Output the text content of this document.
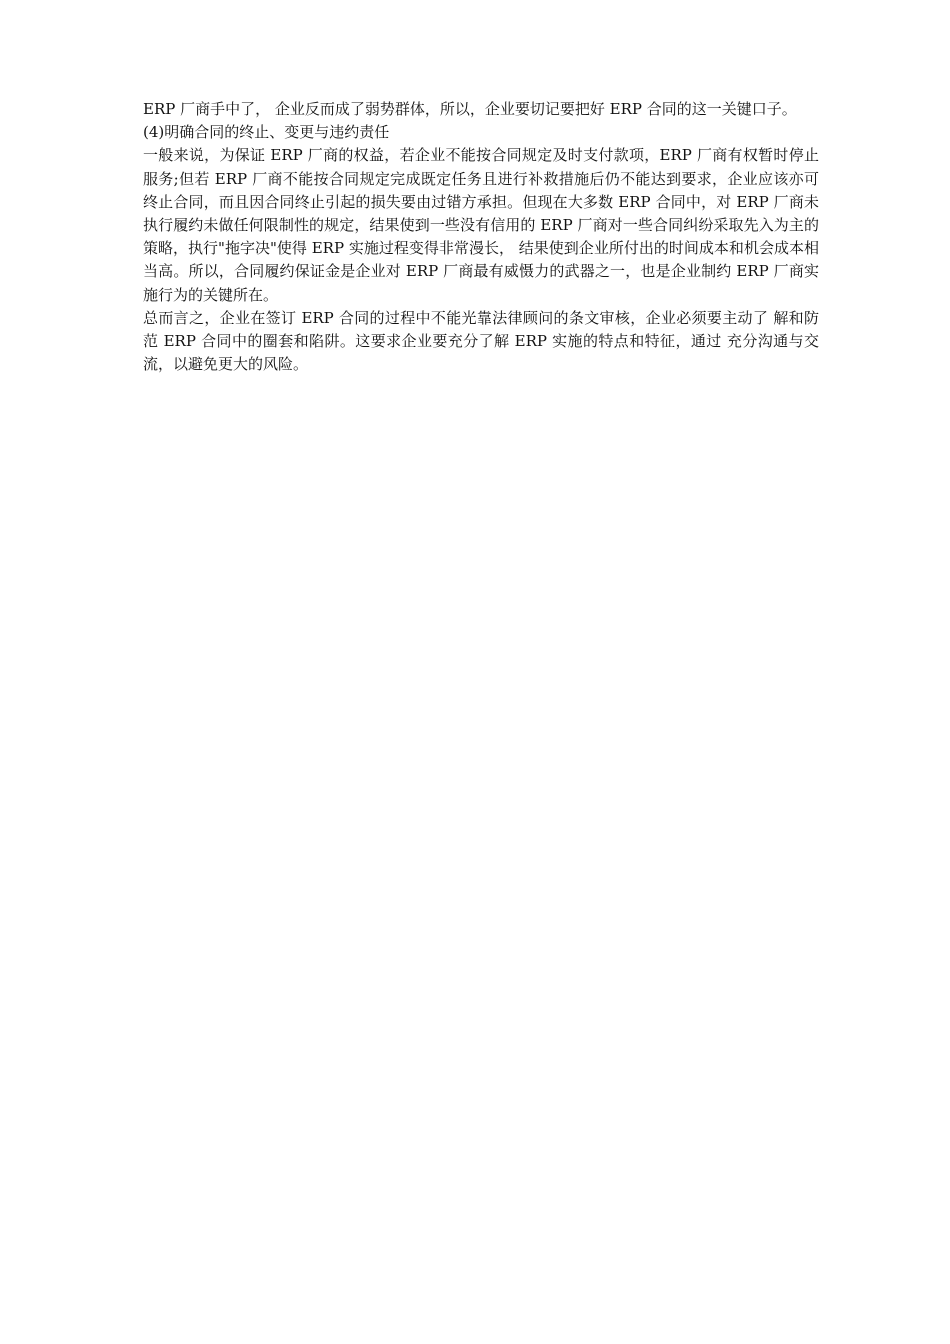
ERP 厂商手中了， 企业反而成了弱势群体，所以，企业要切记要把好 ERP 合同的这一关键口子。

(4)明确合同的终止、变更与违约责任

一般来说，为保证 ERP 厂商的权益，若企业不能按合同规定及时支付款项，ERP 厂商有权暂时停止服务;但若 ERP 厂商不能按合同规定完成既定任务且进行补救措施后仍不能达到要求，企业应该亦可终止合同，而且因合同终止引起的损失要由过错方承担。但现在大多数 ERP 合同中，对 ERP 厂商未执行履约未做任何限制性的规定，结果使到一些没有信用的 ERP 厂商对一些合同纠纷采取先入为主的策略，执行"拖字决"使得 ERP 实施过程变得非常漫长， 结果使到企业所付出的时间成本和机会成本相当高。所以，合同履约保证金是企业对 ERP 厂商最有威慑力的武器之一，也是企业制约 ERP 厂商实施行为的关键所在。

总而言之，企业在签订 ERP 合同的过程中不能光靠法律顾问的条文审核，企业必须要主动了 解和防范 ERP 合同中的圈套和陷阱。这要求企业要充分了解 ERP 实施的特点和特征，通过 充分沟通与交流，以避免更大的风险。
